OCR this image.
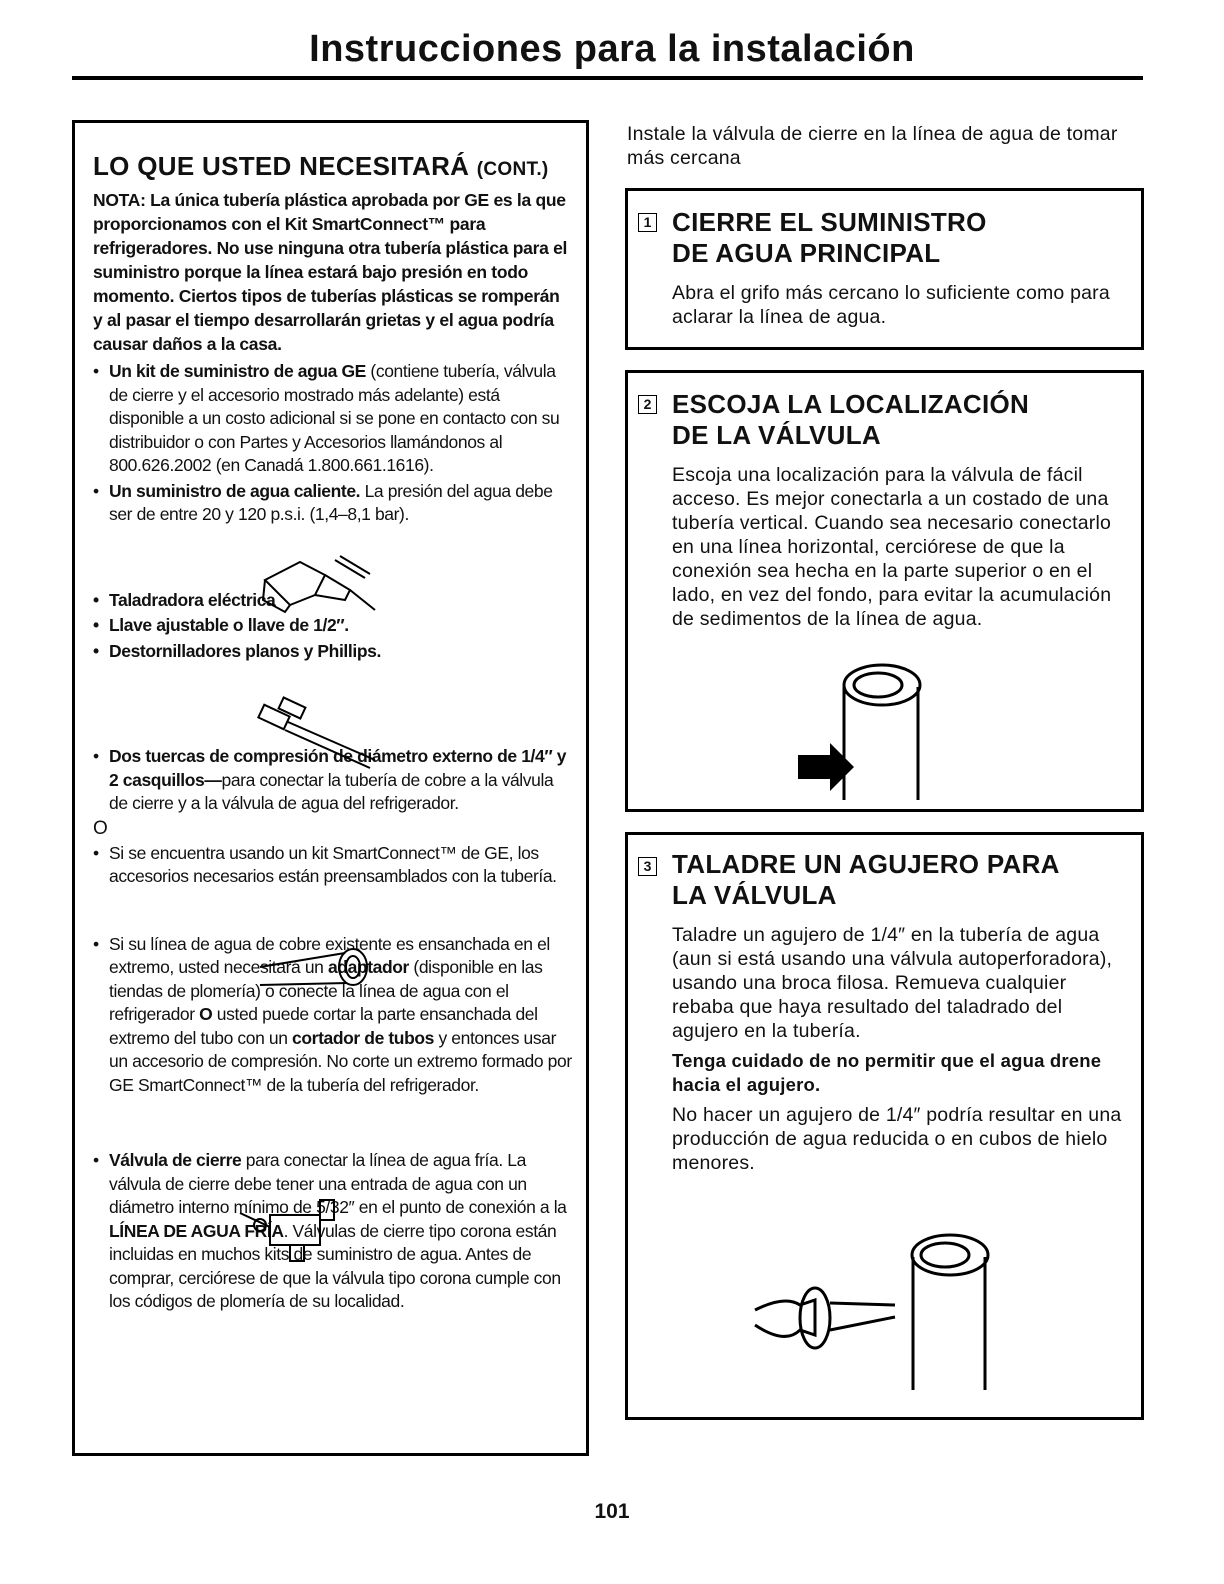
Instrucciones para la instalación
LO QUE USTED NECESITARÁ (CONT.)
NOTA: La única tubería plástica aprobada por GE es la que proporcionamos con el Kit SmartConnect™ para refrigeradores. No use ninguna otra tubería plástica para el suministro porque la línea estará bajo presión en todo momento. Ciertos tipos de tuberías plásticas se romperán y al pasar el tiempo desarrollarán grietas y el agua podría causar daños a la casa.
• Un kit de suministro de agua GE (contiene tubería, válvula de cierre y el accesorio mostrado más adelante) está disponible a un costo adicional si se pone en contacto con su distribuidor o con Partes y Accesorios llamándonos al 800.626.2002 (en Canadá 1.800.661.1616).
• Un suministro de agua caliente. La presión del agua debe ser de entre 20 y 120 p.s.i. (1,4–8,1 bar).
• Taladradora eléctrica
• Llave ajustable o llave de 1/2″.
• Destornilladores planos y Phillips.
• Dos tuercas de compresión de diámetro externo de 1/4″ y 2 casquillos—para conectar la tubería de cobre a la válvula de cierre y a la válvula de agua del refrigerador.
O
• Si se encuentra usando un kit SmartConnect™ de GE, los accesorios necesarios están preensamblados con la tubería.
• Si su línea de agua de cobre existente es ensanchada en el extremo, usted necesitará un adaptador (disponible en las tiendas de plomería) o conecte la línea de agua con el refrigerador O usted puede cortar la parte ensanchada del extremo del tubo con un cortador de tubos y entonces usar un accesorio de compresión. No corte un extremo formado por GE SmartConnect™ de la tubería del refrigerador.
• Válvula de cierre para conectar la línea de agua fría. La válvula de cierre debe tener una entrada de agua con un diámetro interno mínimo de 5/32″ en el punto de conexión a la LÍNEA DE AGUA FRÍA. Válvulas de cierre tipo corona están incluidas en muchos kits de suministro de agua. Antes de comprar, cerciórese de que la válvula tipo corona cumple con los códigos de plomería de su localidad.
Instale la válvula de cierre en la línea de agua de tomar más cercana
1 CIERRE EL SUMINISTRO
DE AGUA PRINCIPAL
Abra el grifo más cercano lo suficiente como para aclarar la línea de agua.
2 ESCOJA LA LOCALIZACIÓN
DE LA VÁLVULA
Escoja una localización para la válvula de fácil acceso. Es mejor conectarla a un costado de una tubería vertical. Cuando sea necesario conectarlo en una línea horizontal, cerciórese de que la conexión sea hecha en la parte superior o en el lado, en vez del fondo, para evitar la acumulación de sedimentos de la línea de agua.
3 TALADRE UN AGUJERO PARA
LA VÁLVULA

Taladre un agujero de 1/4″ en la tubería de agua (aun si está usando una válvula autoperforadora), usando una broca filosa. Remueva cualquier rebaba que haya resultado del taladrado del agujero en la tubería.

Tenga cuidado de no permitir que el agua drene hacia el agujero.

No hacer un agujero de 1/4″ podría resultar en una producción de agua reducida o en cubos de hielo menores.

101
